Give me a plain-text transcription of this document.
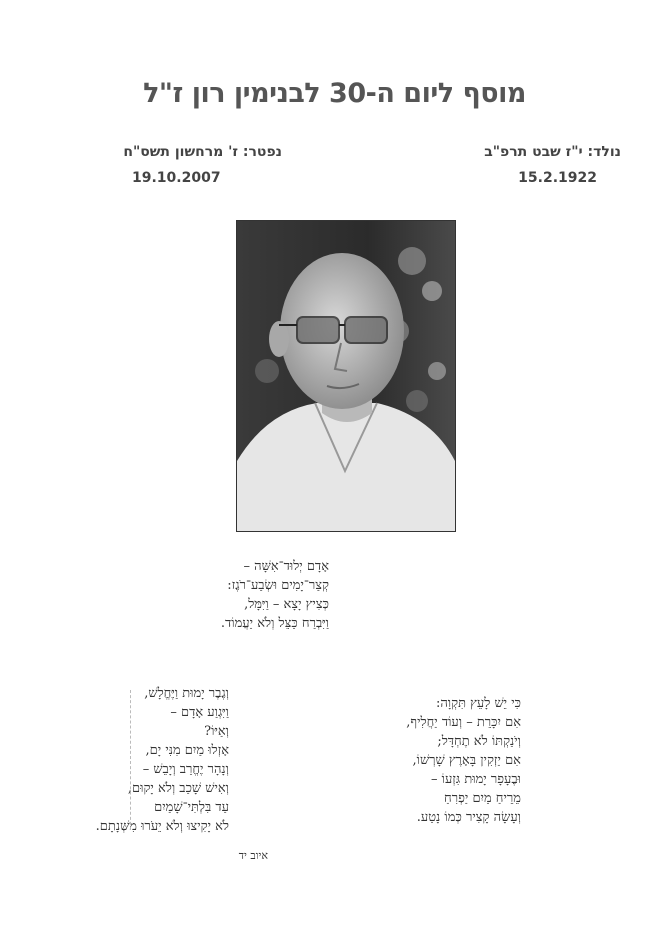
מוסף ליום ה-30 לבנימין רון ז"ל
נולד: י"ז שבט תרפ"ב
15.2.1922
נפטר: ז' מרחשון תשס"ח
19.10.2007
אָדָם יְלוּד־אִשָּׁה –
קְצַר־יָמִים וּשְׂבַע־רֹגֶז:
כְּצִיץ יָצָא – וַיִּמָּל,
וַיִּבְרַח כַּצֵּל וְלֹא יַעֲמוֹד.
כִּי יֵשׁ לָעֵץ תִּקְוָה:
אִם יִכָּרֵת – וְעוֹד יַחֲלִיף,
וְיֹנַקְתּוֹ לֹא תֶחְדָּל;
אִם יַזְקִין בָּאָרֶץ שָׁרְשׁוֹ,
וּבֶעָפָר יָמוּת גִּזְעוֹ –
מֵרֵיחַ מַיִם יַפְרִחַ
וְעָשָׂה קָצִיר כְּמוֹ נָטַע.
וְגֶבֶר יָמוּת וַיֶּחֱלָשׁ,
וַיִּגְוַע אָדָם –
וְאַיּוֹ?
אָזְלוּ מַיִם מִנִּי יָם,
וְנָהָר יֶחֱרַב וְיָבֵשׁ –
וְאִישׁ שָׁכַב וְלֹא יָקוּם,
עַד בִּלְתִּי־שָׁמַיִם
לֹא יָקִיצוּ וְלֹא יֵעֹרוּ מִשְּׁנָתָם.
איוב יד
